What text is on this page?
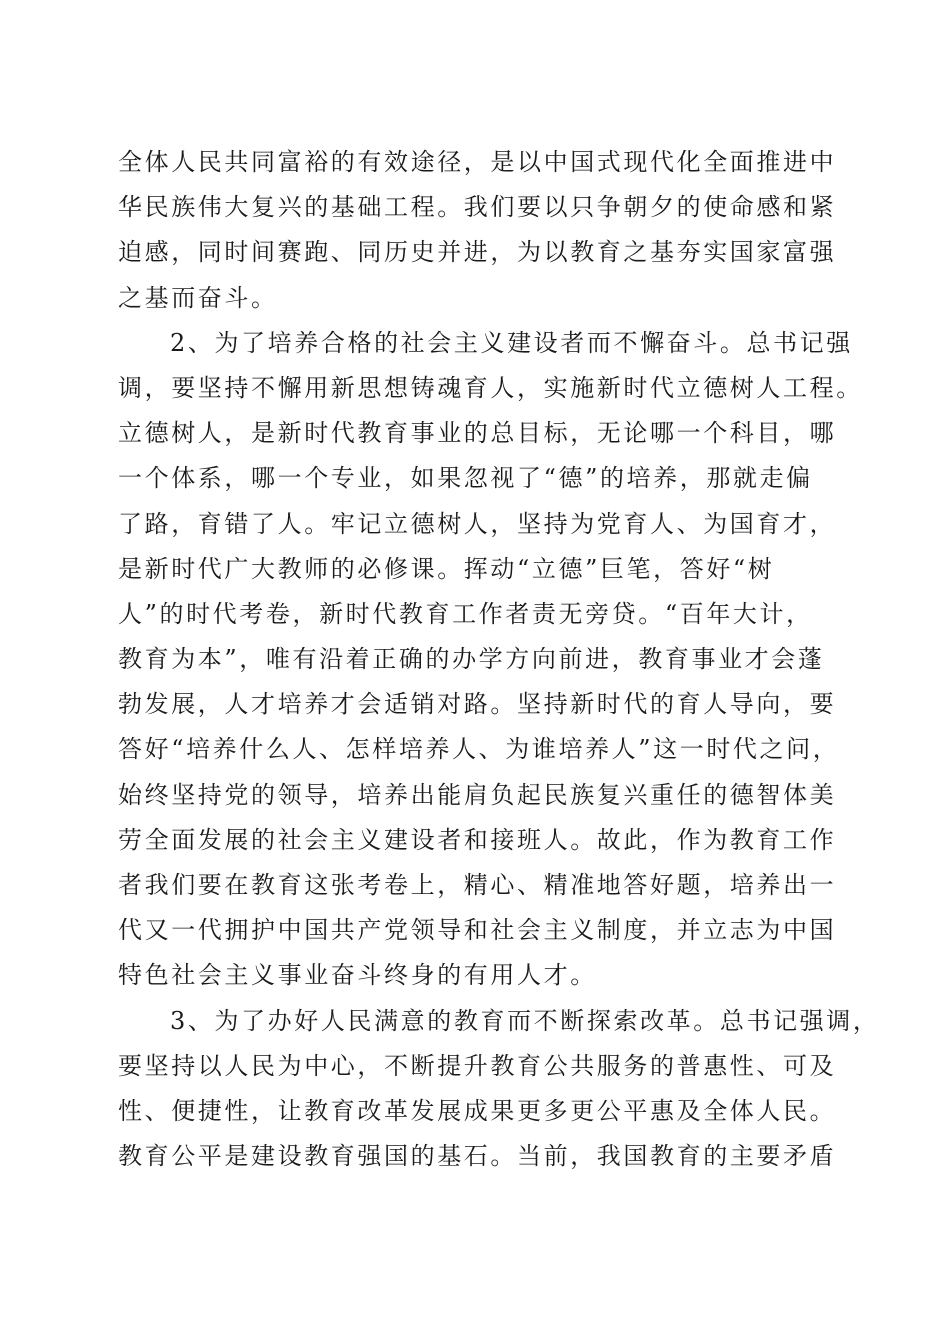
全体人民共同富裕的有效途径，是以中国式现代化全面推进中
华民族伟大复兴的基础工程。我们要以只争朝夕的使命感和紧
迫感，同时间赛跑、同历史并进，为以教育之基夯实国家富强
之基而奋斗。
2、为了培养合格的社会主义建设者而不懈奋斗。总书记强
调，要坚持不懈用新思想铸魂育人，实施新时代立德树人工程。
立德树人，是新时代教育事业的总目标，无论哪一个科目，哪
一个体系，哪一个专业，如果忽视了“德”的培养，那就走偏
了路，育错了人。牢记立德树人，坚持为党育人、为国育才，
是新时代广大教师的必修课。挥动“立德”巨笔，答好“树
人”的时代考卷，新时代教育工作者责无旁贷。“百年大计，
教育为本”，唯有沿着正确的办学方向前进，教育事业才会蓬
勃发展，人才培养才会适销对路。坚持新时代的育人导向，要
答好“培养什么人、怎样培养人、为谁培养人”这一时代之问，
始终坚持党的领导，培养出能肩负起民族复兴重任的德智体美
劳全面发展的社会主义建设者和接班人。故此，作为教育工作
者我们要在教育这张考卷上，精心、精准地答好题，培养出一
代又一代拥护中国共产党领导和社会主义制度，并立志为中国
特色社会主义事业奋斗终身的有用人才。
3、为了办好人民满意的教育而不断探索改革。总书记强调，
要坚持以人民为中心，不断提升教育公共服务的普惠性、可及
性、便捷性，让教育改革发展成果更多更公平惠及全体人民。
教育公平是建设教育强国的基石。当前，我国教育的主要矛盾
